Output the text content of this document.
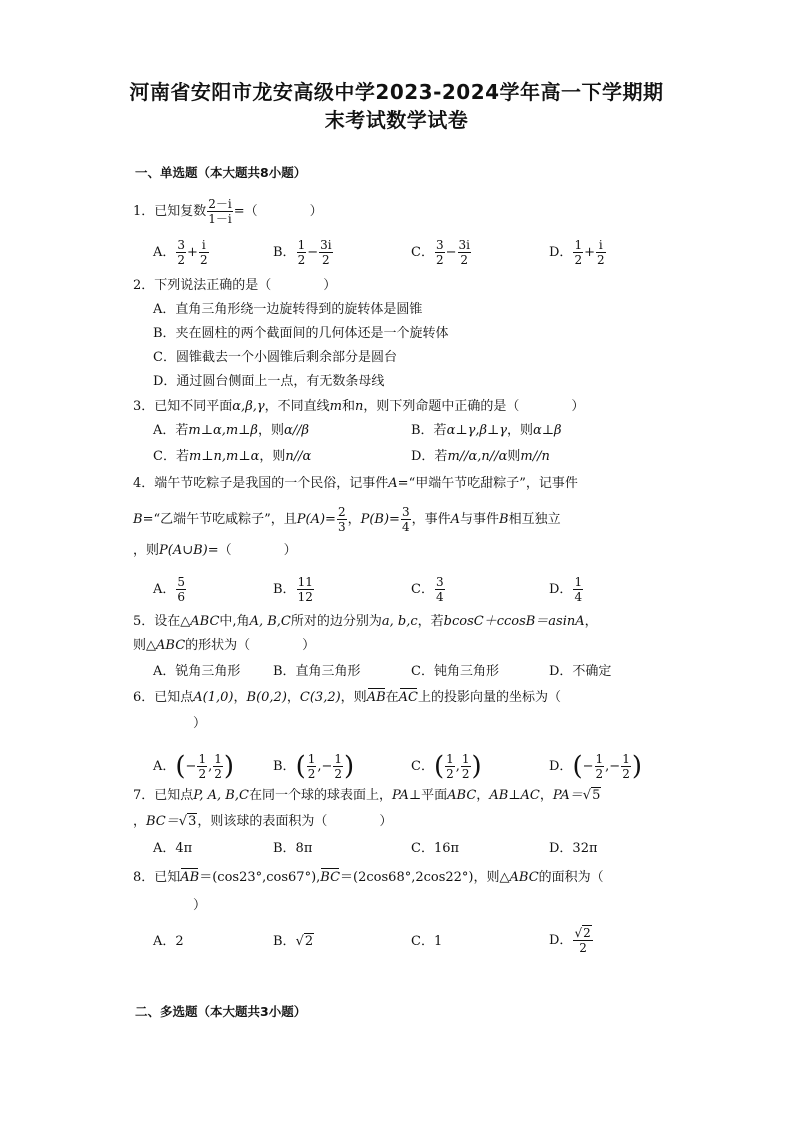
河南省安阳市龙安高级中学2023-2024学年高一下学期期
末考试数学试卷
一、单选题（本大题共8小题）
1．已知复数 $\frac{2-i}{1-i}$ =（　　　　）
A． $\frac{3}{2} + \frac{i}{2}$	B． $\frac{1}{2} - \frac{3i}{2}$	C． $\frac{3}{2} - \frac{3i}{2}$	D． $\frac{1}{2} + \frac{i}{2}$
2．下列说法正确的是（　　　　）
A．直角三角形绕一边旋转得到的旋转体是圆锥
B．夹在圆柱的两个截面间的几何体还是一个旋转体
C．圆锥截去一个小圆锥后剩余部分是圆台
D．通过圆台侧面上一点，有无数条母线
3．已知不同平面α,β,γ，不同直线m和n，则下列命题中正确的是（　　　　）
A．若m⊥α,m⊥β，则α//β	B．若α⊥γ,β⊥γ，则α⊥β
C．若m⊥n,m⊥α，则n//α	D．若m//α,n//α则m//n
4．端午节吃粽子是我国的一个民俗，记事件A=“甲端午节吃甜粽子”，记事件
B=“乙端午节吃咸粽子”，且$P(A)= \frac{2}{3}$ ，$P(B)= \frac{3}{4}$ ，事件A与事件B相互独立
，则P(A∪B)=（　　　　）
A． $\frac{5}{6}$	B． $\frac{11}{12}$	C． $\frac{3}{4}$	D． $\frac{1}{4}$
5．设在△ABC中,角A, B,C所对的边分别为a, b,c，若bcosC＋ccosB＝asinA，
则△ABC的形状为（　　　　）
A．锐角三角形	B．直角三角形	C．钝角三角形	D．不确定
6．已知点A(1,0)，B(0,2)，C(3,2)，则AB在AC上的投影向量的坐标为（
）
A．(− $\frac{1}{2}$ , $\frac{1}{2}$ )	B．( $\frac{1}{2}$ ,− $\frac{1}{2}$ )	C．( $\frac{1}{2}$ , $\frac{1}{2}$ )	D．(− $\frac{1}{2}$ ,− $\frac{1}{2}$ )
7．已知点P, A, B,C在同一个球的球表面上，PA⊥平面ABC，AB⊥AC，PA＝√5
，BC＝√3，则该球的表面积为（　　　　）
A．4π	B．8π	C．16π	D．32π
8．已知AB＝(cos23°,cos67°),BC＝(2cos68°,2cos22°)，则△ABC的面积为（
）
A．2	B．√2	C．1	D． $\frac{√2}{2}$
二、多选题（本大题共3小题）
